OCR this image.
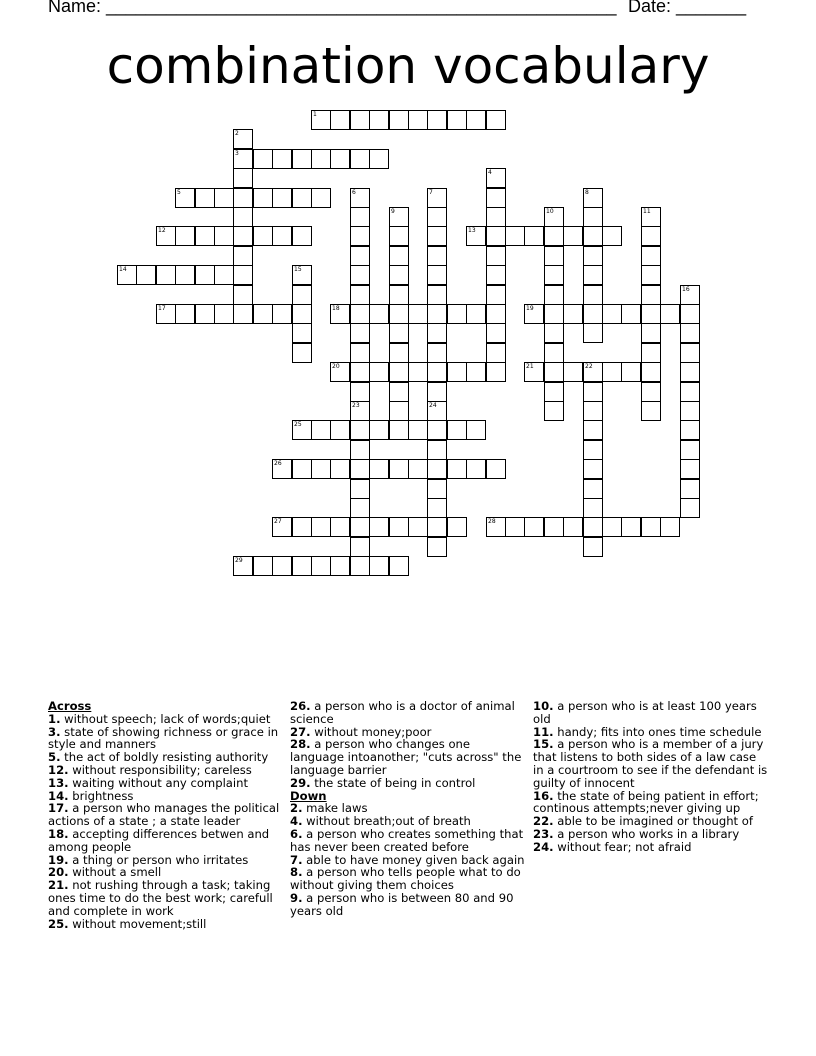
Name: ___________________________________________________ Date: _______
combination vocabulary
1
3
5
12	13
14
17	18	19
20	21	22
25
26
27	28
29
2
4
6
23
7
24
8
9	10	11
15
16
Across
1. without speech; lack of words;quiet
3. state of showing richness or grace in style and manners
5. the act of boldly resisting authority
12. without responsibility; careless
13. waiting without any complaint
14. brightness
17. a person who manages the political actions of a state ; a state leader
18. accepting differences betwen and among people
19. a thing or person who irritates
20. without a smell
21. not rushing through a task; taking ones time to do the best work; carefull and complete in work
25. without movement;still
26. a person who is a doctor of animal science
27. without money;poor
28. a person who changes one language intoanother; "cuts across" the language barrier
29. the state of being in control
Down
2. make laws
4. without breath;out of breath
6. a person who creates something that has never been created before
7. able to have money given back again
8. a person who tells people what to do without giving them choices
9. a person who is between 80 and 90 years old
10. a person who is at least 100 years old
11. handy; fits into ones time schedule
15. a person who is a member of a jury that listens to both sides of a law case in a courtroom to see if the defendant is guilty of innocent
16. the state of being patient in effort; continous attempts;never giving up
22. able to be imagined or thought of
23. a person who works in a library
24. without fear; not afraid
